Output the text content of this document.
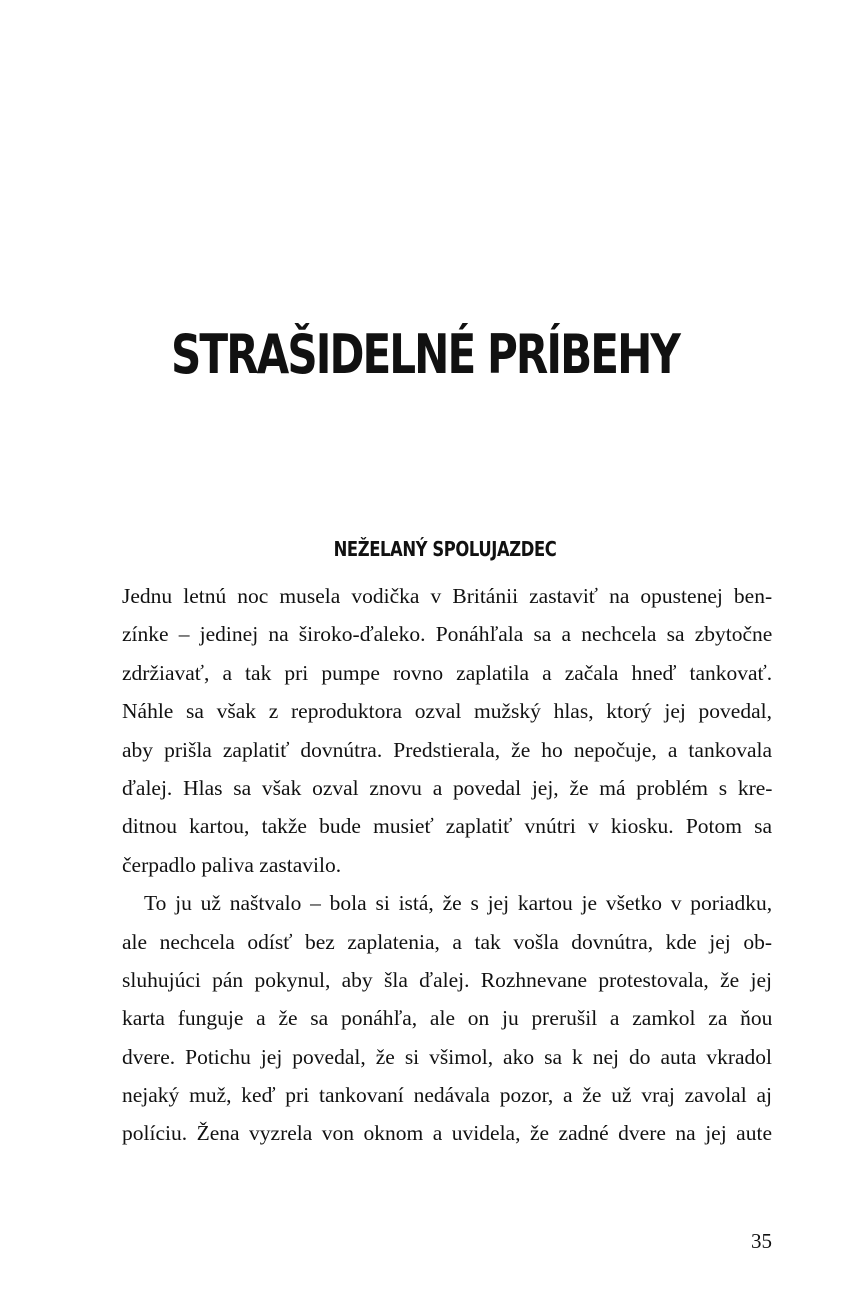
STRAŠIDELNÉ PRÍBEHY
NEŽELANÝ SPOLUJAZDEC
Jednu letnú noc musela vodička v Británii zastaviť na opustenej ben-
zínke – jedinej na široko-ďaleko. Ponáhľala sa a nechcela sa zbytočne
zdržiavať, a tak pri pumpe rovno zaplatila a začala hneď tankovať.
Náhle sa však z reproduktora ozval mužský hlas, ktorý jej povedal,
aby prišla zaplatiť dovnútra. Predstierala, že ho nepočuje, a tankovala
ďalej. Hlas sa však ozval znovu a povedal jej, že má problém s kre-
ditnou kartou, takže bude musieť zaplatiť vnútri v kiosku. Potom sa
čerpadlo paliva zastavilo.
To ju už naštvalo – bola si istá, že s jej kartou je všetko v poriadku,
ale nechcela odísť bez zaplatenia, a tak vošla dovnútra, kde jej ob-
sluhujúci pán pokynul, aby šla ďalej. Rozhnevane protestovala, že jej
karta funguje a že sa ponáhľa, ale on ju prerušil a zamkol za ňou
dvere. Potichu jej povedal, že si všimol, ako sa k nej do auta vkradol
nejaký muž, keď pri tankovaní nedávala pozor, a že už vraj zavolal aj
políciu. Žena vyzrela von oknom a uvidela, že zadné dvere na jej aute
35
